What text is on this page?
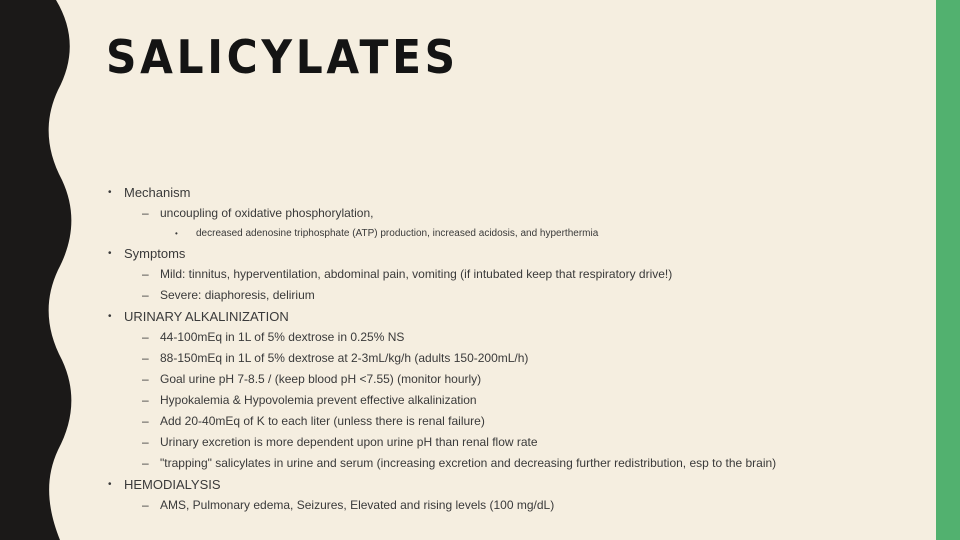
SALICYLATES
• Mechanism
– uncoupling of oxidative phosphorylation,
• decreased adenosine triphosphate (ATP) production, increased acidosis, and hyperthermia
• Symptoms
– Mild: tinnitus, hyperventilation, abdominal pain, vomiting (if intubated keep that respiratory drive!)
– Severe: diaphoresis, delirium
• URINARY ALKALINIZATION
– 44-100mEq in 1L of 5% dextrose in 0.25% NS
– 88-150mEq in 1L of 5% dextrose at 2-3mL/kg/h (adults 150-200mL/h)
– Goal urine pH 7-8.5 / (keep blood pH <7.55) (monitor hourly)
– Hypokalemia & Hypovolemia prevent effective alkalinization
– Add 20-40mEq of K to each liter (unless there is renal failure)
– Urinary excretion is more dependent upon urine pH than renal flow rate
– "trapping" salicylates in urine and serum (increasing excretion and decreasing further redistribution, esp to the brain)
• HEMODIALYSIS
– AMS, Pulmonary edema, Seizures, Elevated and rising levels (100 mg/dL)
